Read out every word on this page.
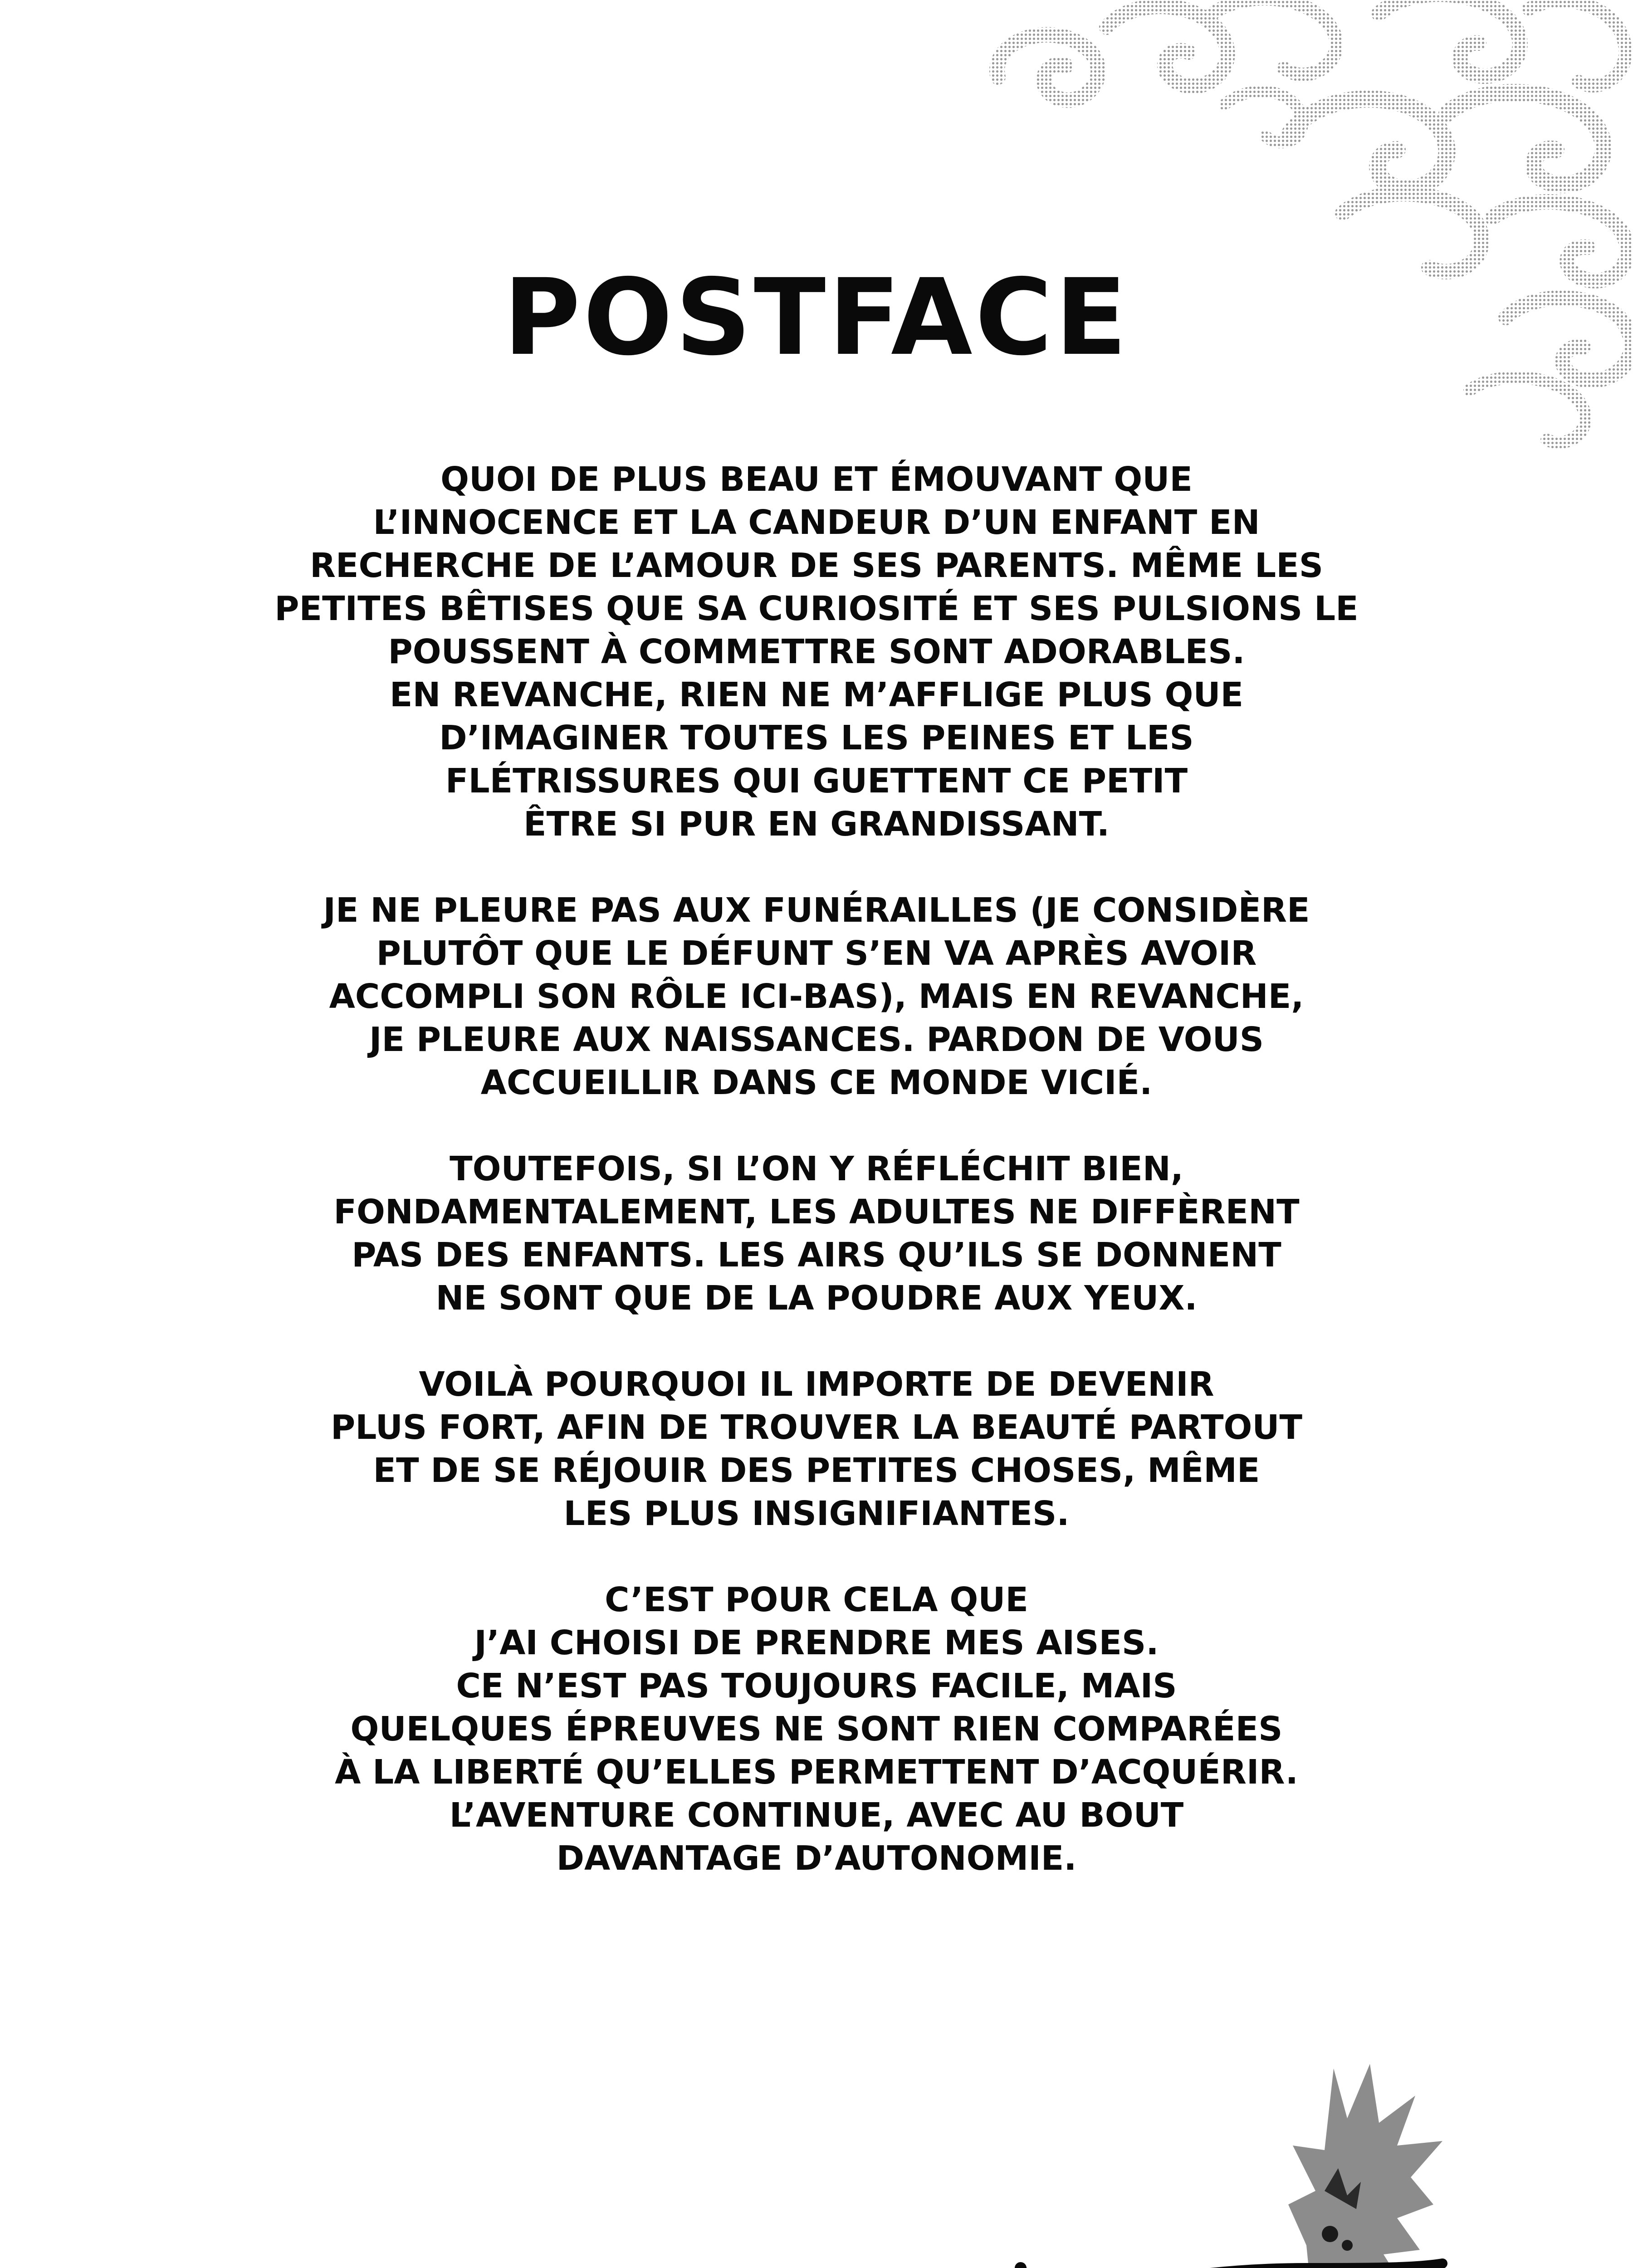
POSTFACE
QUOI DE PLUS BEAU ET ÉMOUVANT QUE
L’INNOCENCE ET LA CANDEUR D’UN ENFANT EN
RECHERCHE DE L’AMOUR DE SES PARENTS. MÊME LES
PETITES BÊTISES QUE SA CURIOSITÉ ET SES PULSIONS LE
POUSSENT À COMMETTRE SONT ADORABLES.
EN REVANCHE, RIEN NE M’AFFLIGE PLUS QUE
D’IMAGINER TOUTES LES PEINES ET LES
FLÉTRISSURES QUI GUETTENT CE PETIT
ÊTRE SI PUR EN GRANDISSANT.
JE NE PLEURE PAS AUX FUNÉRAILLES (JE CONSIDÈRE
PLUTÔT QUE LE DÉFUNT S’EN VA APRÈS AVOIR
ACCOMPLI SON RÔLE ICI-BAS), MAIS EN REVANCHE,
JE PLEURE AUX NAISSANCES. PARDON DE VOUS
ACCUEILLIR DANS CE MONDE VICIÉ.
TOUTEFOIS, SI L’ON Y RÉFLÉCHIT BIEN,
FONDAMENTALEMENT, LES ADULTES NE DIFFÈRENT
PAS DES ENFANTS. LES AIRS QU’ILS SE DONNENT
NE SONT QUE DE LA POUDRE AUX YEUX.
VOILÀ POURQUOI IL IMPORTE DE DEVENIR
PLUS FORT, AFIN DE TROUVER LA BEAUTÉ PARTOUT
ET DE SE RÉJOUIR DES PETITES CHOSES, MÊME
LES PLUS INSIGNIFIANTES.
C’EST POUR CELA QUE
J’AI CHOISI DE PRENDRE MES AISES.
CE N’EST PAS TOUJOURS FACILE, MAIS
QUELQUES ÉPREUVES NE SONT RIEN COMPARÉES
À LA LIBERTÉ QU’ELLES PERMETTENT D’ACQUÉRIR.
L’AVENTURE CONTINUE, AVEC AU BOUT
DAVANTAGE D’AUTONOMIE.
